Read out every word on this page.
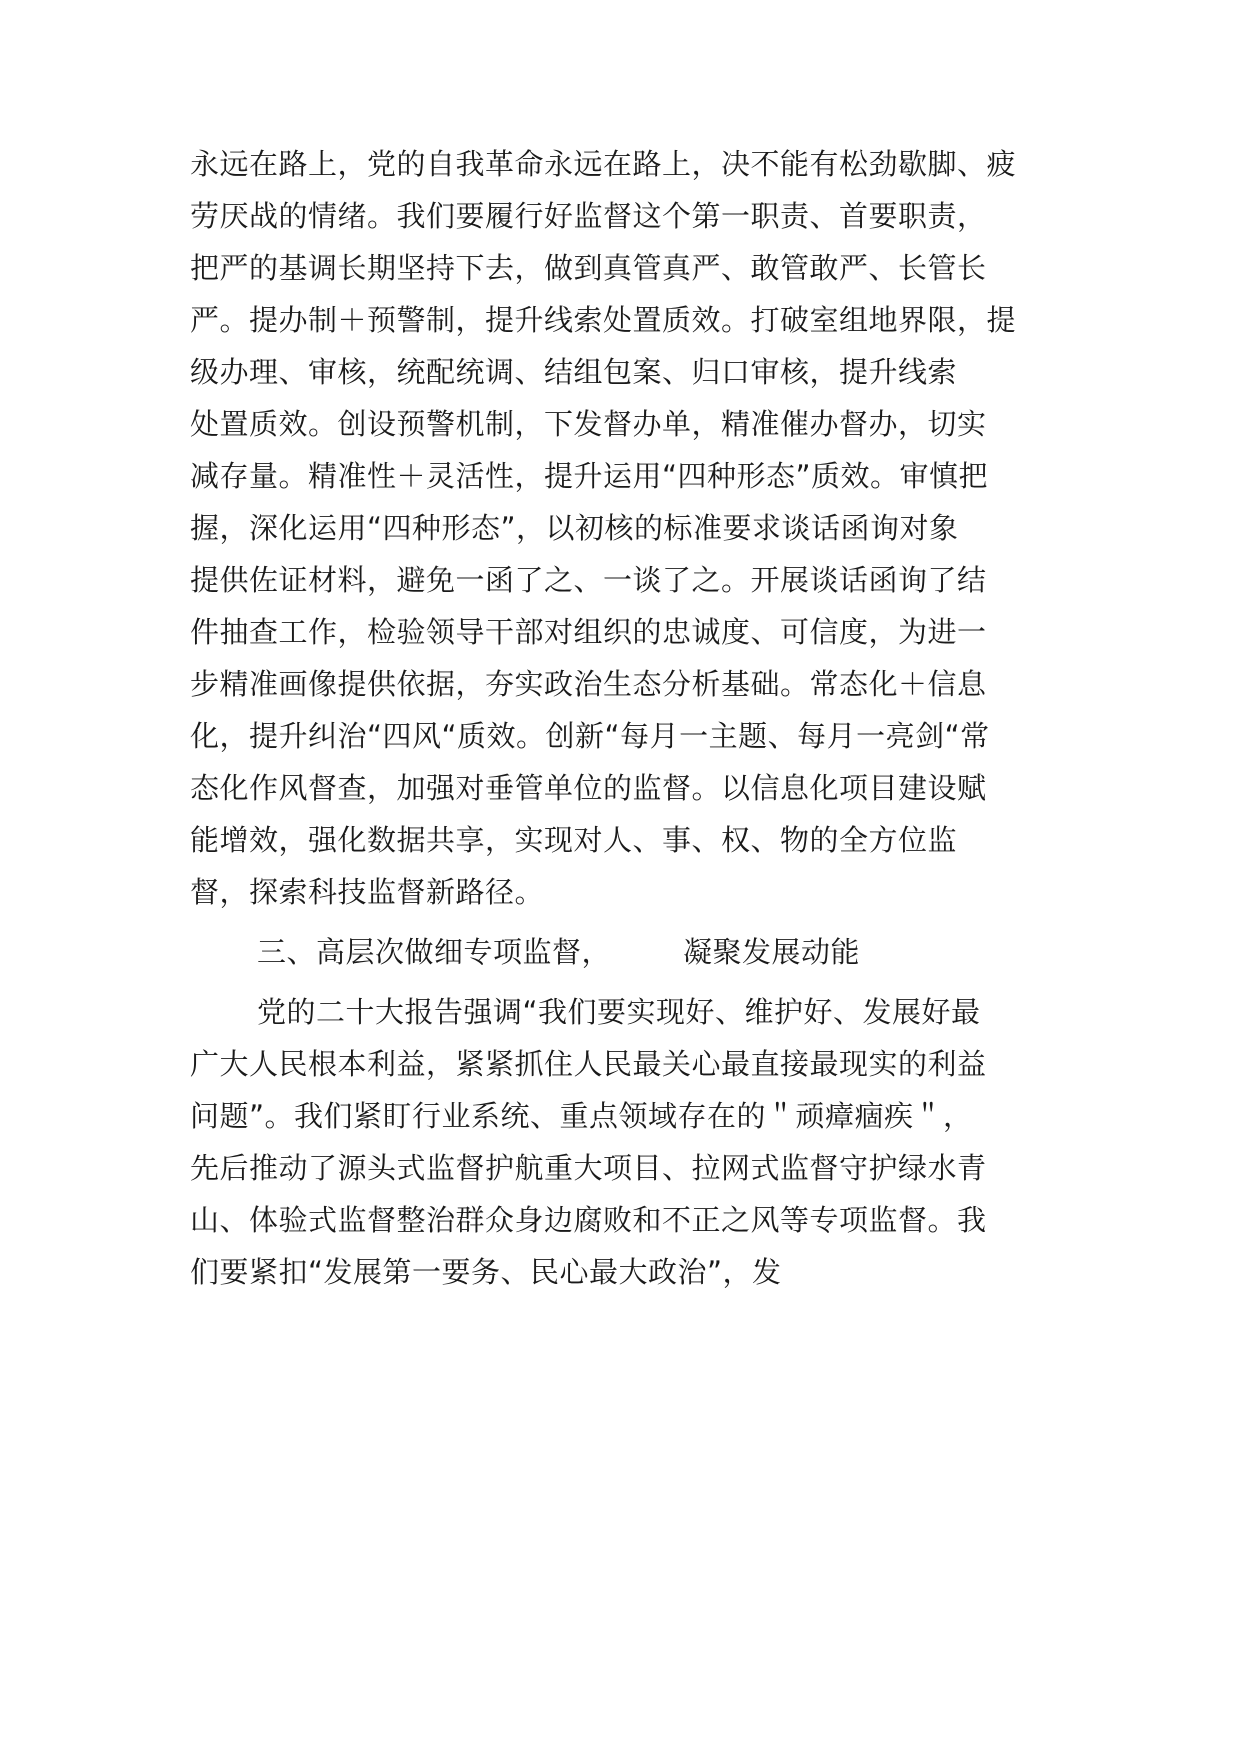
永远在路上，党的自我革命永远在路上，决不能有松劲歇脚、疲
劳厌战的情绪。我们要履行好监督这个第一职责、首要职责，
把严的基调长期坚持下去，做到真管真严、敢管敢严、长管长
严。提办制＋预警制，提升线索处置质效。打破室组地界限，提
级办理、审核，统配统调、结组包案、归口审核，提升线索
处置质效。创设预警机制，下发督办单，精准催办督办，切实
减存量。精准性＋灵活性，提升运用“四种形态”质效。审慎把
握，深化运用“四种形态”，以初核的标准要求谈话函询对象
提供佐证材料，避免一函了之、一谈了之。开展谈话函询了结
件抽查工作，检验领导干部对组织的忠诚度、可信度，为进一
步精准画像提供依据，夯实政治生态分析基础。常态化＋信息
化，提升纠治“四风“质效。创新“每月一主题、每月一亮剑“常
态化作风督查，加强对垂管单位的监督。以信息化项目建设赋
能增效，强化数据共享，实现对人、事、权、物的全方位监
督，探索科技监督新路径。
三、高层次做细专项监督， 凝聚发展动能
党的二十大报告强调“我们要实现好、维护好、发展好最
广大人民根本利益，紧紧抓住人民最关心最直接最现实的利益
问题”。我们紧盯行业系统、重点领域存在的＂顽瘴痼疾＂，
先后推动了源头式监督护航重大项目、拉网式监督守护绿水青
山、体验式监督整治群众身边腐败和不正之风等专项监督。我
们要紧扣“发展第一要务、民心最大政治”，发
